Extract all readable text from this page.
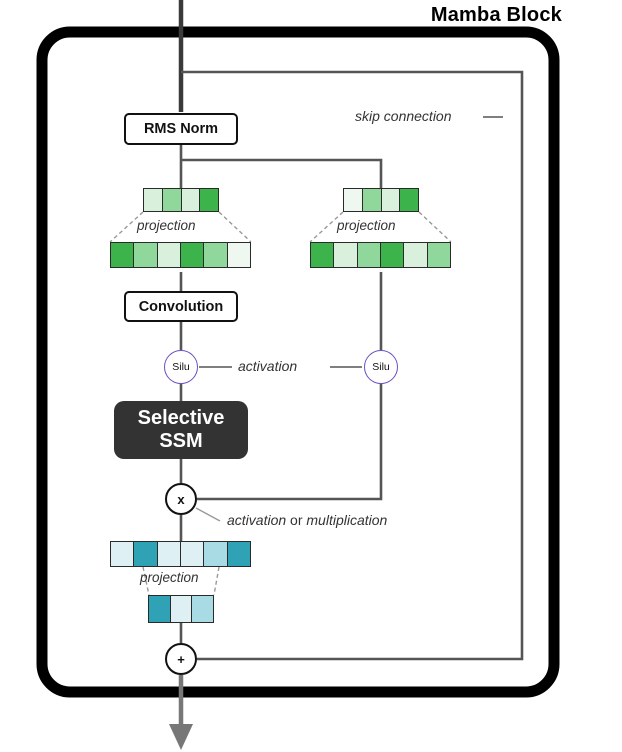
Mamba Block
skip connection
RMS Norm
projection	projection
Convolution
Silu	Silu
activation
Selective
SSM
x
activation or multiplication
projection
+
